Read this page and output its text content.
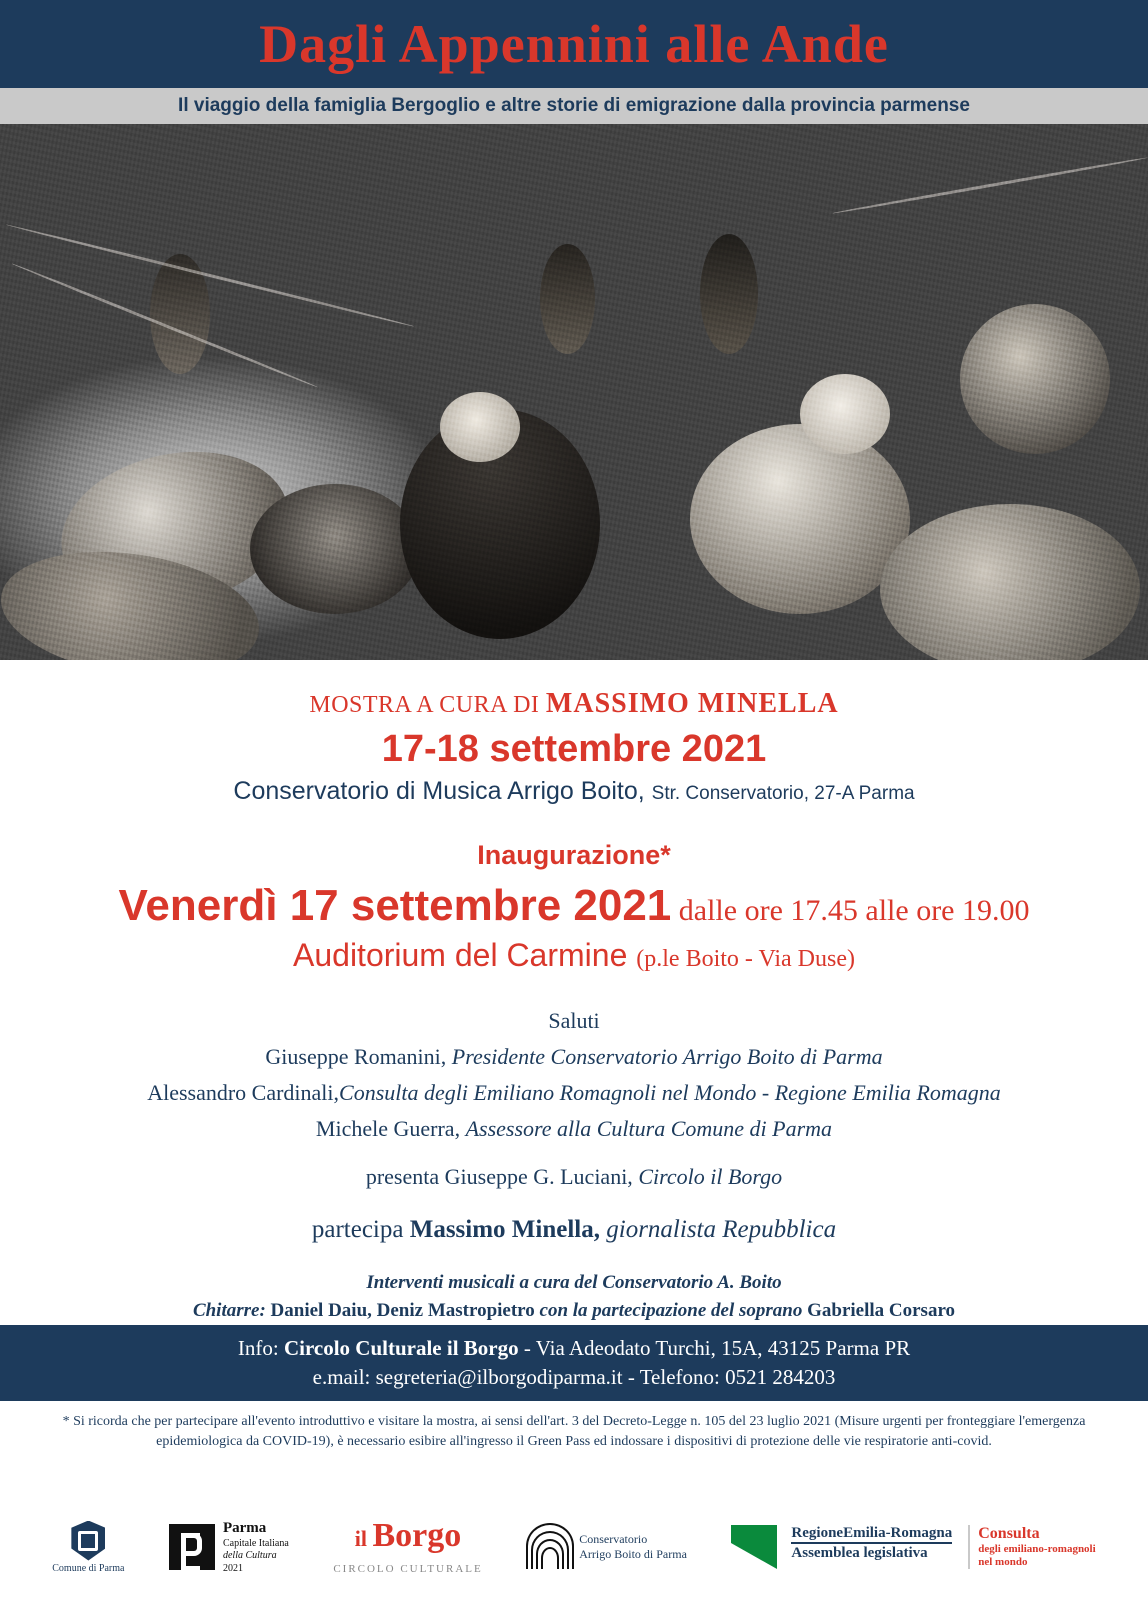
Dagli Appennini alle Ande
Il viaggio della famiglia Bergoglio e altre storie di emigrazione dalla provincia parmense
MOSTRA A CURA DI MASSIMO MINELLA
17-18 settembre 2021
Conservatorio di Musica Arrigo Boito, Str. Conservatorio, 27-A Parma
Inaugurazione*
Venerdì 17 settembre 2021 dalle ore 17.45 alle ore 19.00
Auditorium del Carmine (p.le Boito - Via Duse)
Saluti
Giuseppe Romanini, Presidente Conservatorio Arrigo Boito di Parma
Alessandro Cardinali,Consulta degli Emiliano Romagnoli nel Mondo - Regione Emilia Romagna
Michele Guerra, Assessore alla Cultura Comune di Parma
presenta Giuseppe G. Luciani, Circolo il Borgo
partecipa Massimo Minella, giornalista Repubblica
Interventi musicali a cura del Conservatorio A. Boito
Chitarre: Daniel Daiu, Deniz Mastropietro con la partecipazione del soprano Gabriella Corsaro
Info: Circolo Culturale il Borgo - Via Adeodato Turchi, 15A, 43125 Parma PR
e.mail: segreteria@ilborgodiparma.it - Telefono: 0521 284203
* Si ricorda che per partecipare all'evento introduttivo e visitare la mostra, ai sensi dell'art. 3 del Decreto-Legge n. 105 del 23 luglio 2021 (Misure urgenti per fronteggiare l'emergenza epidemiologica da COVID-19), è necessario esibire all'ingresso il Green Pass ed indossare i dispositivi di protezione delle vie respiratorie anti-covid.
Comune di Parma
Parma
Capitale Italiana
della Cultura
2021
il Borgo
CIRCOLO CULTURALE
Conservatorio
Arrigo Boito di Parma
RegioneEmilia-Romagna
Assemblea legislativa
Consulta
degli emiliano-romagnoli
nel mondo
